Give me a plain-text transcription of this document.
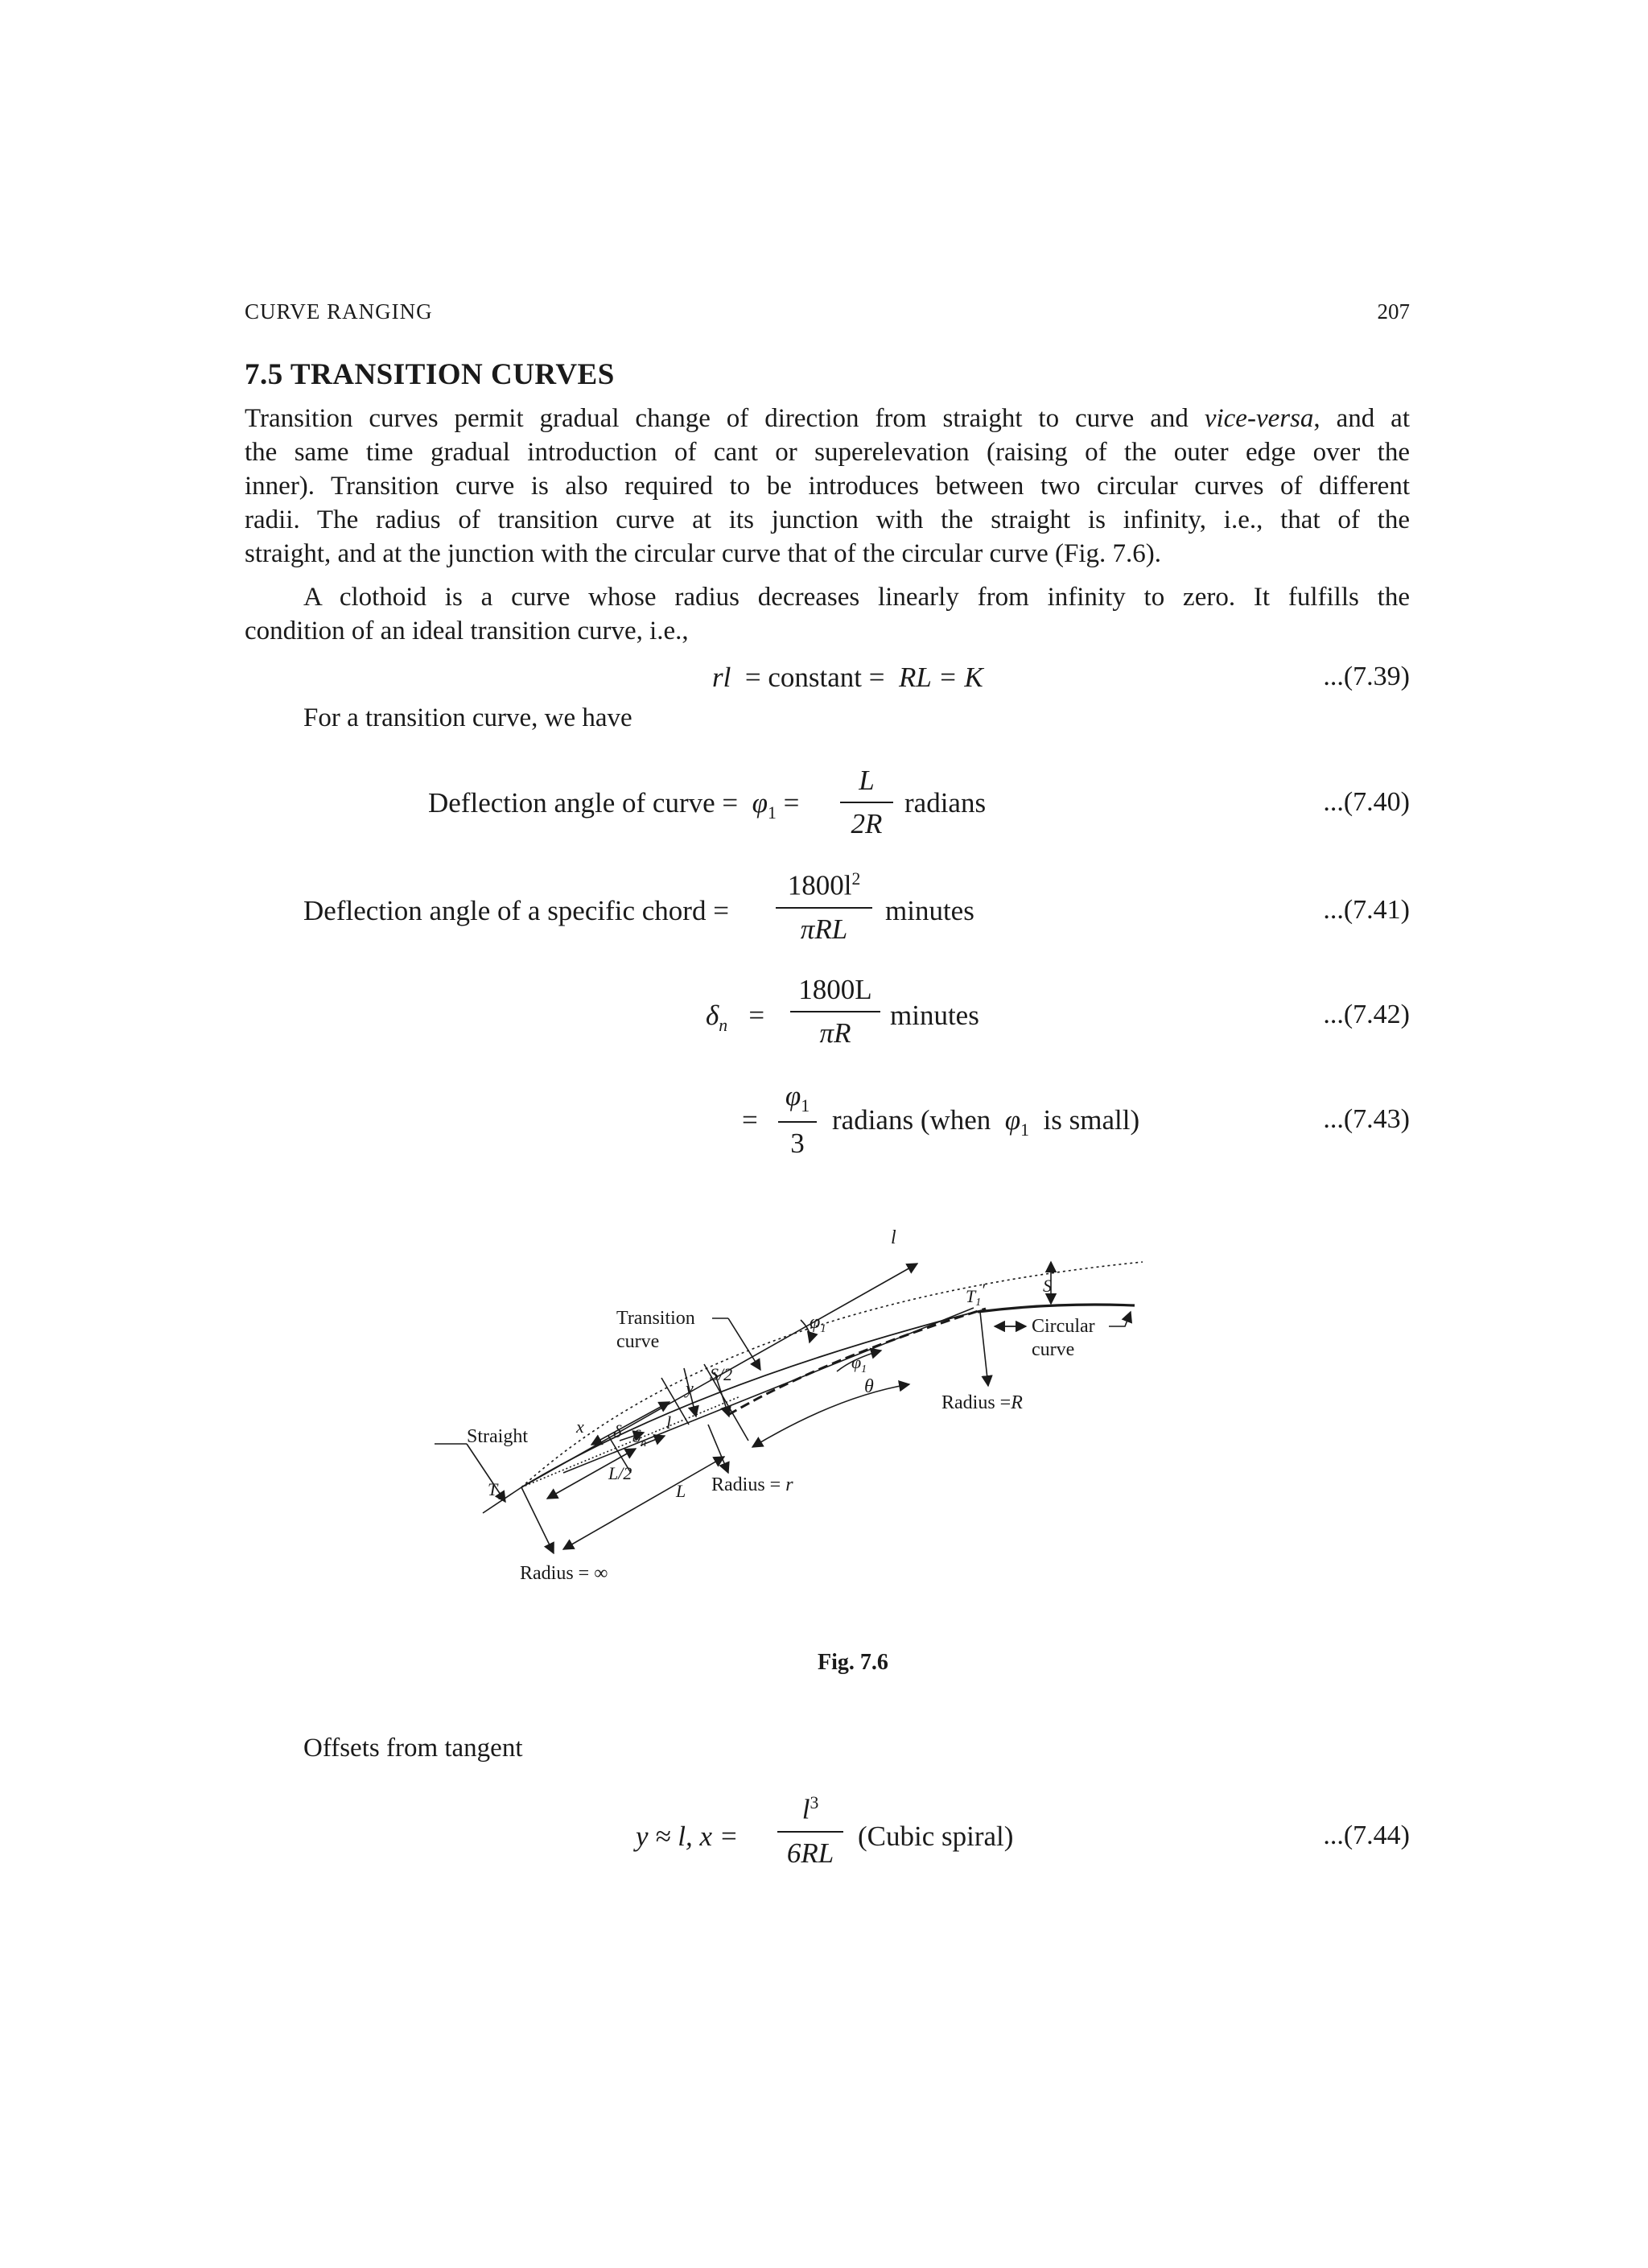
CURVE RANGING	207
7.5 TRANSITION CURVES
Transition curves permit gradual change of direction from straight to curve and vice-versa, and at
the same time gradual introduction of cant or superelevation (raising of the outer edge over the
inner). Transition curve is also required to be introduces between two circular curves of different
radii. The radius of transition curve at its junction with the straight is infinity, i.e., that of the
straight, and at the junction with the circular curve that of the circular curve (Fig. 7.6).
A clothoid is a curve whose radius decreases linearly from infinity to zero. It fulfills the
condition of an ideal transition curve, i.e.,
rl = constant = RL = K	...(7.39)
For a transition curve, we have
Deflection angle of curve = $\varphi_1$ =
L
2R
radians	...(7.40)
Deflection angle of a specific chord =
$1800l^2$
πRL
minutes	...(7.41)
$\delta_n$ =
1800L
πR
minutes	...(7.42)
=
$\varphi_1$
3
radians (when $\varphi_1$ is small)	...(7.43)
l
S
T1′
Transition
curve
Circular
curve
$\varphi_1$
$\varphi_1$
θ
Radius =R
S/2
y
x δ $\delta_n$
l
Straight
$T_1$
L/2
L Radius = r
Radius = ∞
Fig. 7.6
Offsets from tangent
y ≈ l, x =
$l^3$
6RL
(Cubic spiral)	...(7.44)
